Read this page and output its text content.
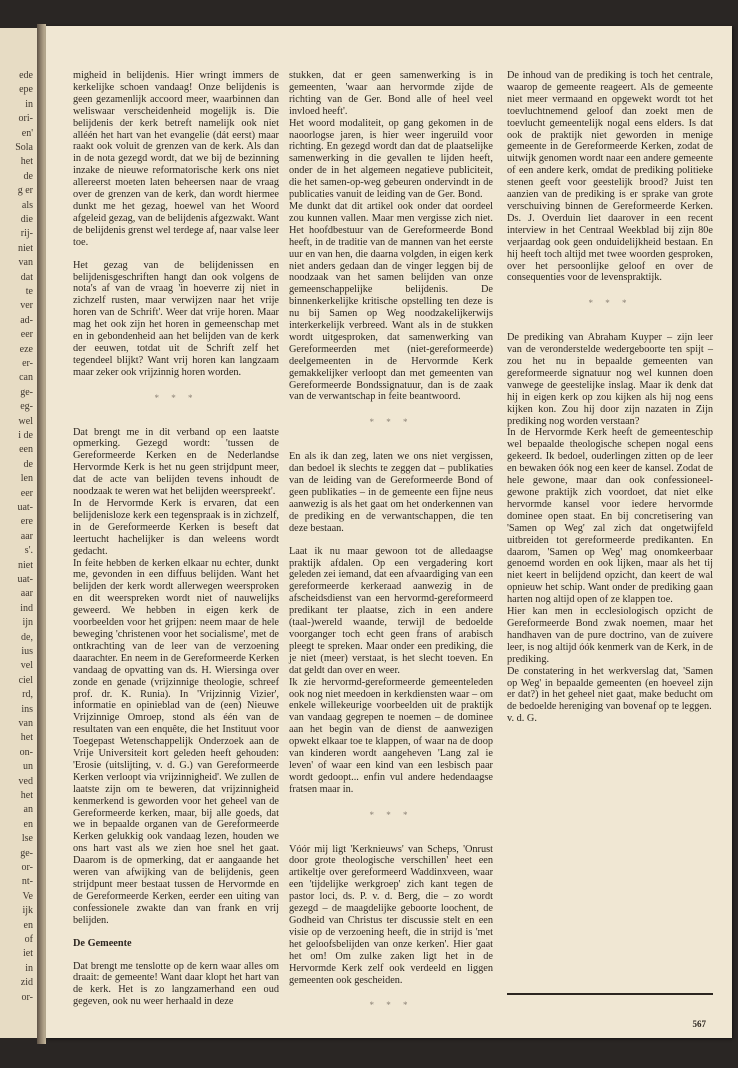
ede
epe
in
ori-
en'
Sola
het
de
g er
als
die
rij-
niet
van
dat
te
ver
ad-
eer
eze
er-
can
ge-
eg-
wel
i de
een
de
len
eer
uat-
ere
aar
s'.
niet
uat-
aar
ind
ijn
de,
ius
vel
ciel
rd,
ins
van
het
on-
un
ved
het
an
en
lse
ge-
or-
nt-
Ve
ijk
en
of
iet
in
zid
or-

migheid in belijdenis. Hier wringt immers de kerkelijke schoen vandaag! Onze belijdenis is geen gezamenlijk accoord meer, waarbinnen dan weliswaar verscheidenheid mogelijk is. Die belijdenis der kerk betreft namelijk ook niet alléén het hart van het evangelie (dát eerst) maar raakt ook voluit de grenzen van de kerk. Als dan in de nota gezegd wordt, dat we bij de bezinning inzake de nieuwe reformatorische kerk ons niet allereerst moeten laten beheersen naar de vraag over de grenzen van de kerk, dan wordt hiermee dunkt me het gezag, hoewel van het Woord afgeleid gezag, van de belijdenis afgezwakt. Want de belijdenis grenst wel terdege af, naar valse leer toe.

Het gezag van de belijdenissen en belijdenisgeschriften hangt dan ook volgens de nota's af van de vraag 'in hoeverre zij niet in zichzelf rusten, maar verwijzen naar het vrije horen van de Schrift'. Weer dat vrije horen. Maar mag het ook zijn het horen in gemeenschap met en in gebondenheid aan het belijden van de kerk der eeuwen, totdat uit de Schrift zelf het tegendeel blijkt? Want vrij horen kan langzaam maar zeker ook vrijzinnig horen worden.

* * *

Dat brengt me in dit verband op een laatste opmerking. Gezegd wordt: 'tussen de Gereformeerde Kerken en de Nederlandse Hervormde Kerk is het nu geen strijdpunt meer, dat de acte van belijden tevens inhoudt de noodzaak te weren wat het belijden weerspreekt'.

In de Hervormde Kerk is ervaren, dat een belijdenisloze kerk een tegenspraak is in zichzelf, in de Gereformeerde Kerken is beseft dat leertucht hachelijker is dan weleens wordt gedacht.

In feite hebben de kerken elkaar nu echter, dunkt me, gevonden in een diffuus belijden. Want het belijden der kerk wordt allerwegen weersproken en dit weerspreken wordt niet of nauwelijks geweerd. We hebben in eigen kerk de voorbeelden voor het grijpen: neem maar de hele beweging 'christenen voor het socialisme', met de ontkrachting van de leer van de verzoening daarachter. En neem in de Gereformeerde Kerken vandaag de opvatting van ds. H. Wiersinga over zonde en genade (vrijzinnige theologie, schreef prof. dr. K. Runia). In 'Vrijzinnig Vizier', informatie en opinieblad van de (een) Nieuwe Vrijzinnige Omroep, stond als één van de resultaten van een enquête, die het Instituut voor Toegepast Wetenschappelijk Onderzoek aan de Vrije Universiteit kort geleden heeft gehouden: 'Erosie (uitslijting, v. d. G.) van Gereformeerde Kerken verloopt via vrijzinnigheid'. We zullen de laatste zijn om te beweren, dat vrijzinnigheid kenmerkend is geworden voor het geheel van de Gereformeerde kerken, maar, bij alle goeds, dat we in bepaalde organen van de Gereformeerde Kerken gelukkig ook vandaag lezen, houden we ons hart vast als we zien hoe snel het gaat. Daarom is de opmerking, dat er aangaande het weren van afwijking van de belijdenis, geen strijdpunt meer bestaat tussen de Hervormde en de Gereformeerde Kerken, eerder een uiting van confessionele zwakte dan van frank en vrij belijden.

De Gemeente

Dat brengt me tenslotte op de kern waar alles om draait: de gemeente! Want daar klopt het hart van de kerk. Het is zo langzamerhand een oud gegeven, ook nu weer herhaald in deze

stukken, dat er geen samenwerking is in gemeenten, 'waar aan hervormde zijde de richting van de Ger. Bond alle of heel veel invloed heeft'.

Het woord modaliteit, op gang gekomen in de naoorlogse jaren, is hier weer ingeruild voor richting. En gezegd wordt dan dat de plaatselijke samenwerking in die gevallen te lijden heeft, onder de in het algemeen negatieve publiciteit, die het samen-op-weg gebeuren ondervindt in de publicaties vanuit de leiding van de Ger. Bond.

Me dunkt dat dit artikel ook onder dat oordeel zou kunnen vallen. Maar men vergisse zich niet. Het hoofdbestuur van de Gereformeerde Bond heeft, in de traditie van de mannen van het eerste uur en van hen, die daarna volgden, in eigen kerk niet anders gedaan dan de vinger leggen bij de noodzaak van het samen belijden van onze gemeenschappelijke belijdenis. De binnenkerkelijke kritische opstelling ten deze is nu bij Samen op Weg noodzakelijkerwijs interkerkelijk verbreed. Want als in de stukken wordt uitgesproken, dat samenwerking van Gereformeerden met (niet-gereformeerde) deelgemeenten in de Hervormde Kerk gemakkelijker verloopt dan met gemeenten van Gereformeerde Bondssignatuur, dan is de zaak van de verwantschap in feite beantwoord.

* * *

En als ik dan zeg, laten we ons niet vergissen, dan bedoel ik slechts te zeggen dat – publikaties van de leiding van de Gereformeerde Bond of geen publikaties – in de gemeente een fijne neus aanwezig is als het gaat om het onderkennen van de prediking en de verwantschappen, die ten deze bestaan.

Laat ik nu maar gewoon tot de alledaagse praktijk afdalen. Op een vergadering kort geleden zei iemand, dat een afvaardiging van een gereformeerde kerkeraad aanwezig in de afscheidsdienst van een hervormd-gereformeerd predikant ter plaatse, zich in een andere (taal-)wereld waande, terwijl de bedoelde voorganger toch echt geen frans of arabisch pleegt te spreken. Maar onder een prediking, die je niet (meer) verstaat, is het slecht toeven. En dat geldt dan over en weer.

Ik zie hervormd-gereformeerde gemeenteleden ook nog niet meedoen in kerkdiensten waar – om enkele willekeurige voorbeelden uit de praktijk van vandaag gegrepen te noemen – de dominee aan het begin van de dienst de aanwezigen opwekt elkaar toe te klappen, of waar na de doop van kinderen wordt aangeheven 'Lang zal ie leven' of waar een kind van een lesbisch paar wordt gedoopt... enfin vul andere hedendaagse fratsen maar in.

* * *

Vóór mij ligt 'Kerknieuws' van Scheps, 'Onrust door grote theologische verschillen' heet een artikeltje over gereformeerd Waddinxveen, waar een 'tijdelijke werkgroep' zich kant tegen de pastor loci, ds. P. v. d. Berg, die – zo wordt gezegd – de maagdelijke geboorte loochent, de Godheid van Christus ter discussie stelt en een visie op de verzoening heeft, die in strijd is 'met het geloofsbelijden van onze kerken'. Hier gaat het om! Om zulke zaken ligt het in de Hervormde Kerk zelf ook verdeeld en liggen gemeenten ook gescheiden.

* * *

De inhoud van de prediking is toch het centrale, waarop de gemeente reageert. Als de gemeente niet meer vermaand en opgewekt wordt tot het toevluchtnemend geloof dan zoekt men de toevlucht gemeentelijk nogal eens elders. Is dat ook de praktijk niet geworden in menige gemeente in de Gereformeerde Kerken, zodat de uitwijk genomen wordt naar een andere gemeente of een andere kerk, omdat de prediking politieke stenen geeft voor geestelijk brood? Juist ten aanzien van de prediking is er sprake van grote verschuiving binnen de Gereformeerde Kerken. Ds. J. Overduin liet daarover in een recent interview in het Centraal Weekblad bij zijn 80e verjaardag ook geen onduidelijkheid bestaan. En hij heeft toch altijd met twee woorden gesproken, over het persoonlijke geloof en over de consequenties voor de levenspraktijk.

* * *

De prediking van Abraham Kuyper – zijn leer van de veronderstelde wedergeboorte ten spijt – zou het nu in bepaalde gemeenten van gereformeerde signatuur nog wel kunnen doen vanwege de geestelijke inslag. Maar ik denk dat hij in eigen kerk op zou kijken als hij nog eens kijken kon. Zou hij door zijn nazaten in Zijn prediking nog worden verstaan?

In de Hervormde Kerk heeft de gemeenteschip wel bepaalde theologische schepen nogal eens gekeerd. Ik bedoel, ouderlingen zitten op de leer en bewaken óók nog een keer de kansel. Zodat de hele gewone, maar dan ook confessioneel-gewone praktijk zich voordoet, dat niet elke hervormde kansel voor iedere hervormde dominee open staat. En bij concretisering van 'Samen op Weg' zal zich dat ongetwijfeld uitbreiden tot gereformeerde predikanten. En daarom, 'Samen op Weg' mag onomkeerbaar genoemd worden en ook lijken, maar als het tij niet keert in belijdend opzicht, dan keert de wal opnieuw het schip. Want onder de prediking gaan harten nog altijd open of ze klappen toe.

Hier kan men in ecclesiologisch opzicht de Gereformeerde Bond zwak noemen, maar het handhaven van de pure doctrino, van de zuivere leer, is nog altijd óók kenmerk van de Kerk, in de prediking.

De constatering in het werkverslag dat, 'Samen op Weg' in bepaalde gemeenten (en hoeveel zijn er dat?) in het geheel niet gaat, make beducht om de bedoelde hereniging van bovenaf op te leggen.

v. d. G.

567
